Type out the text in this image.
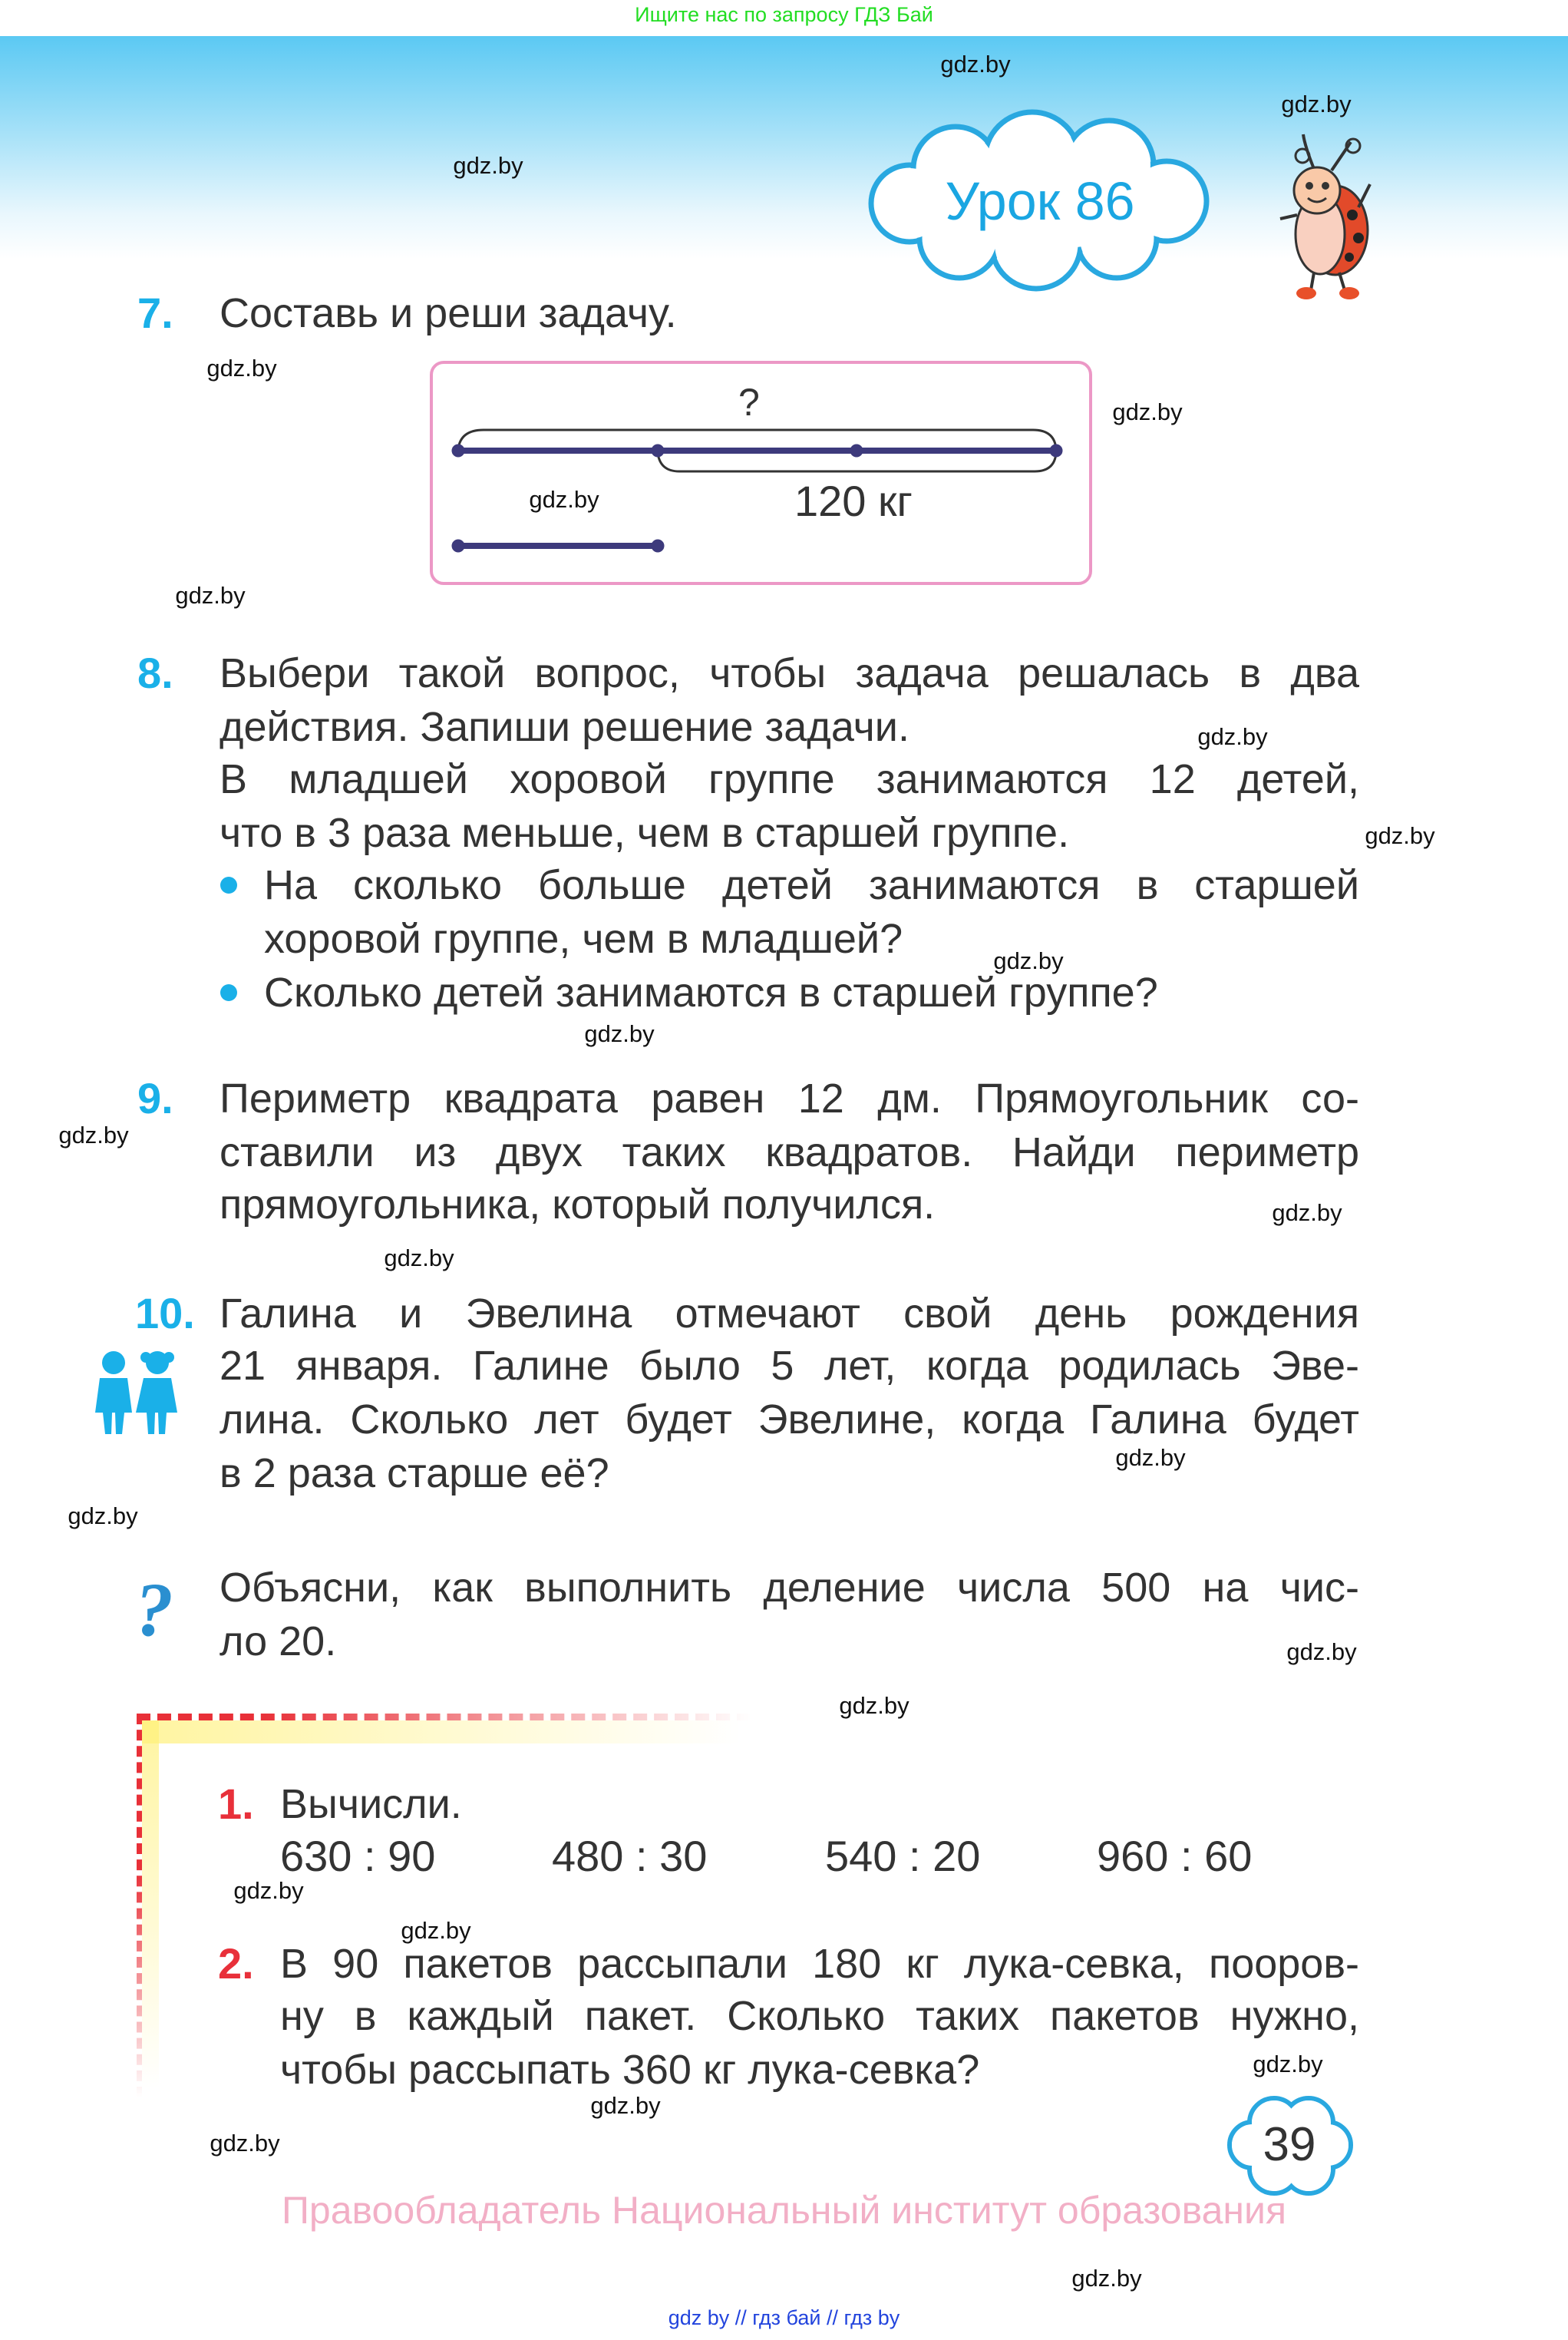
Ищите нас по запросу ГДЗ Бай
?
Урок 86
7. Составь и реши задачу.
?
120 кг
8. Выбери такой вопрос, чтобы задача решалась в два
действия. Запиши решение задачи.
В младшей хоровой группе занимаются 12 детей,
что в 3 раза меньше, чем в старшей группе.
На сколько больше детей занимаются в старшей
хоровой группе, чем в младшей?
Сколько детей занимаются в старшей группе?
9. Периметр квадрата равен 12 дм. Прямоугольник со-
ставили из двух таких квадратов. Найди периметр
прямоугольника, который получился.
10. Галина и Эвелина отмечают свой день рождения
21 января. Галине было 5 лет, когда родилась Эве-
лина. Сколько лет будет Эвелине, когда Галина будет
в 2 раза старше её?
Объясни, как выполнить деление числа 500 на чис-
ло 20.
1. Вычисли.
630 : 90	480 : 30	540 : 20	960 : 60
2. В 90 пакетов рассыпали 180 кг лука-севка, пооров-
ну в каждый пакет. Сколько таких пакетов нужно,
чтобы рассыпать 360 кг лука-севка?
39
Правообладатель Национальный институт образования
gdz by // гдз бай // гдз by
gdz.by
gdz.by
gdz.by
gdz.by
gdz.by
gdz.by
gdz.by
gdz.by
gdz.by
gdz.by
gdz.by
gdz.by
gdz.by
gdz.by
gdz.by
gdz.by
gdz.by
gdz.by
gdz.by
gdz.by
gdz.by
gdz.by
gdz.by
gdz.by
